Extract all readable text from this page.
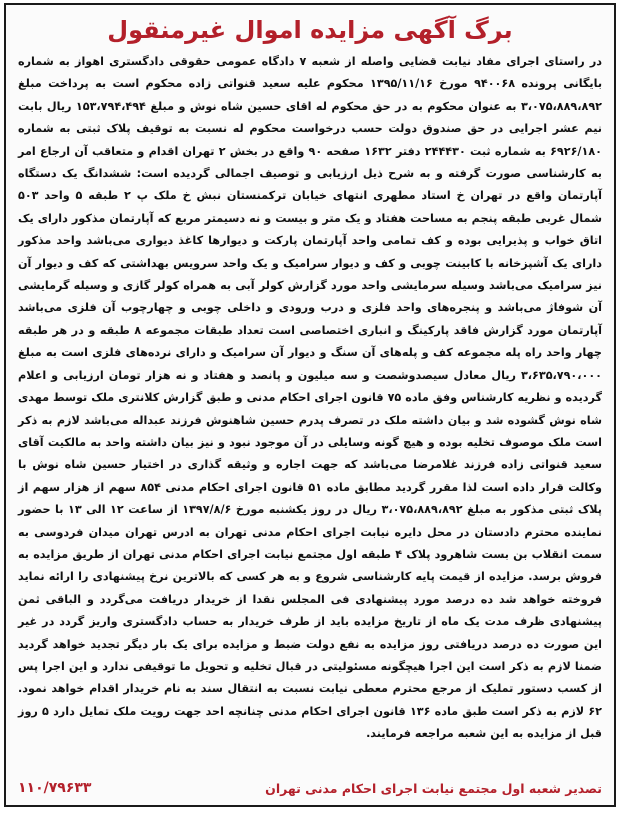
برگ آگهی مزایده اموال غیرمنقول
در راستای اجرای مفاد نیابت قضایی واصله از شعبه ۷ دادگاه عمومی حقوقی دادگستری اهواز به شماره بایگانی پرونده ۹۴۰۰۶۸ مورخ ۱۳۹۵/۱۱/۱۶ محکوم علیه سعید قنواتی زاده محکوم است به پرداخت مبلغ ۳،۰۷۵،۸۸۹،۸۹۲ به عنوان محکوم به در حق محکوم له اقای حسین شاه نوش و مبلغ ۱۵۳،۷۹۴،۴۹۴ ریال بابت نیم عشر اجرایی در حق صندوق دولت حسب درخواست محکوم له نسبت به توقیف پلاک ثبتی به شماره ۶۹۲۶/۱۸۰ به شماره ثبت ۲۴۴۴۳۰ دفتر ۱۶۳۲ صفحه ۹۰ واقع در بخش ۲ تهران اقدام و متعاقب آن ارجاع امر به کارشناسی صورت گرفته و به شرح ذیل ارزیابی و توصیف اجمالی گردیده است: ششدانگ یک دستگاه آپارتمان واقع در تهران خ استاد مطهری انتهای خیابان ترکمنستان نبش خ ملک پ ۲ طبقه ۵ واحد ۵۰۳ شمال غربی طبقه پنجم به مساحت هفتاد و یک متر و بیست و نه دسیمتر مربع که آپارتمان مذکور دارای یک اتاق خواب و پذیرایی بوده و کف تمامی واحد آپارتمان پارکت و دیوارها کاغذ دیواری می‌باشد واحد مذکور دارای یک آشپزخانه با کابینت چوبی و کف و دیوار سرامیک و یک واحد سرویس بهداشتی که کف و دیوار آن نیز سرامیک می‌باشد وسیله سرمایشی واحد مورد گزارش کولر آبی به همراه کولر گازی و وسیله گرمایشی آن شوفاژ می‌باشد و پنجره‌های واحد فلزی و درب ورودی و داخلی چوبی و چهارچوب آن فلزی می‌باشد آپارتمان مورد گزارش فاقد پارکینگ و انباری اختصاصی است تعداد طبقات مجموعه ۸ طبقه و در هر طبقه چهار واحد راه پله مجموعه کف و پله‌های آن سنگ و دیوار آن سرامیک و دارای نرده‌های فلزی است به مبلغ ۳،۶۳۵،۷۹۰،۰۰۰ ریال معادل سیصدوشصت و سه میلیون و پانصد و هفتاد و نه هزار تومان ارزیابی و اعلام گردیده و نظریه کارشناس وفق ماده ۷۵ قانون اجرای احکام مدنی و طبق گزارش کلانتری ملک توسط مهدی شاه نوش گشوده شد و بیان داشته ملک در تصرف پدرم حسین شاهنوش فرزند عبداله می‌باشد لازم به ذکر است ملک موصوف تخلیه بوده و هیچ گونه وسایلی در آن موجود نبود و نیز بیان داشته واحد به مالکیت آقای سعید قنواتی زاده فرزند غلامرضا می‌باشد که جهت اجاره و وثیقه گذاری در اختیار حسین شاه نوش با وکالت قرار داده است لذا مقرر گردید مطابق ماده ۵۱ قانون اجرای احکام مدنی ۸۵۴ سهم از هزار سهم از پلاک ثبتی مذکور به مبلغ ۳،۰۷۵،۸۸۹،۸۹۲ ریال در روز یکشنبه مورخ ۱۳۹۷/۸/۶ از ساعت ۱۲ الی ۱۳ با حضور نماینده محترم دادستان در محل دایره نیابت اجرای احکام مدنی تهران به ادرس تهران میدان فردوسی به سمت انقلاب بن بست شاهرود پلاک ۴ طبقه اول مجتمع نیابت اجرای احکام مدنی تهران از طریق مزایده به فروش برسد. مزایده از قیمت پایه کارشناسی شروع و به هر کسی که بالاترین نرخ پیشنهادی را ارائه نماید فروخته خواهد شد ده درصد مورد پیشنهادی فی المجلس نقدا از خریدار دریافت می‌گردد و الباقی ثمن پیشنهادی ظرف مدت یک ماه از تاریخ مزایده باید از طرف خریدار به حساب دادگستری واریز گردد در غیر این صورت ده درصد دریافتی روز مزایده به نفع دولت ضبط و مزایده برای یک بار دیگر تجدید خواهد گردید ضمنا لازم به ذکر است این اجرا هیچگونه مسئولیتی در قبال تخلیه و تحویل ما توقیفی ندارد و این اجرا پس از کسب دستور تملیک از مرجع محترم معطی نیابت نسبت به انتقال سند به نام خریدار اقدام خواهد نمود. ۶۲ لازم به ذکر است طبق ماده ۱۳۶ قانون اجرای احکام مدنی چنانچه احد جهت رویت ملک تمایل دارد ۵ روز قبل از مزایده به این شعبه مراجعه فرمایند.
تصدیر شعبه اول مجتمع نیابت اجرای احکام مدنی تهران
۱۱۰/۷۹۶۳۳
